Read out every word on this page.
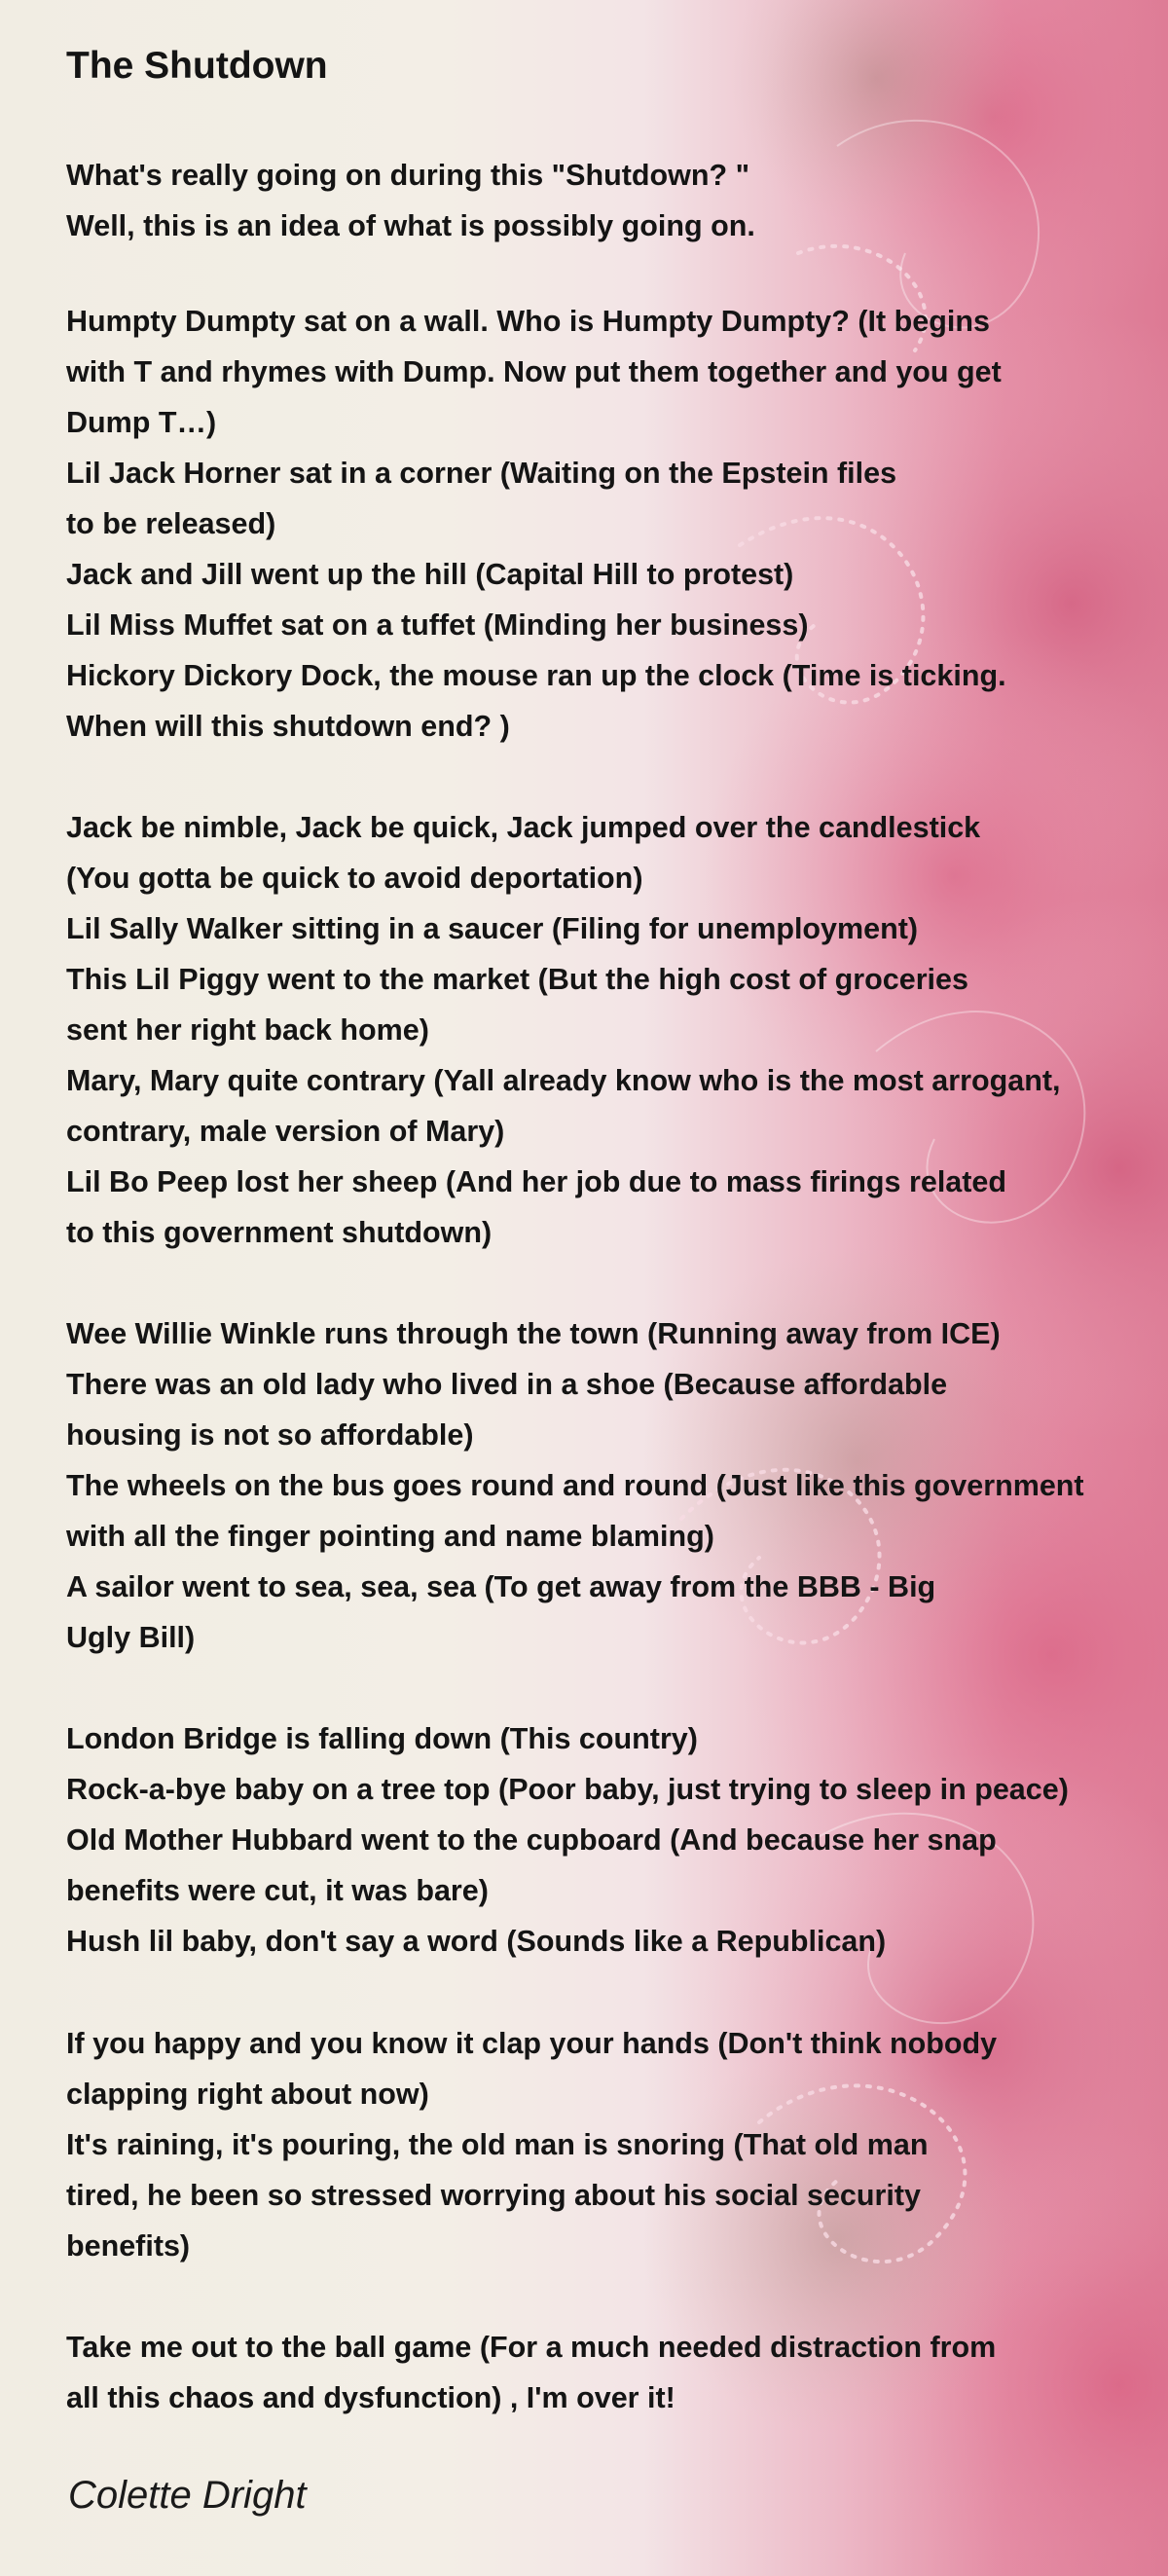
The Shutdown
What's really going on during this "Shutdown? "
Well, this is an idea of what is possibly going on.
Humpty Dumpty sat on a wall. Who is Humpty Dumpty? (It begins
with T and rhymes with Dump. Now put them together and you get
Dump T…)
Lil Jack Horner sat in a corner (Waiting on the Epstein files
to be released)
Jack and Jill went up the hill (Capital Hill to protest)
Lil Miss Muffet sat on a tuffet (Minding her business)
Hickory Dickory Dock, the mouse ran up the clock (Time is ticking.
When will this shutdown end? )
Jack be nimble, Jack be quick, Jack jumped over the candlestick
(You gotta be quick to avoid deportation)
Lil Sally Walker sitting in a saucer (Filing for unemployment)
This Lil Piggy went to the market (But the high cost of groceries
sent her right back home)
Mary, Mary quite contrary (Yall already know who is the most arrogant,
contrary, male version of Mary)
Lil Bo Peep lost her sheep (And her job due to mass firings related
to this government shutdown)
Wee Willie Winkle runs through the town (Running away from ICE)
There was an old lady who lived in a shoe (Because affordable
housing is not so affordable)
The wheels on the bus goes round and round (Just like this government
with all the finger pointing and name blaming)
A sailor went to sea, sea, sea (To get away from the BBB - Big
Ugly Bill)
London Bridge is falling down (This country)
Rock-a-bye baby on a tree top (Poor baby, just trying to sleep in peace)
Old Mother Hubbard went to the cupboard (And because her snap
benefits were cut, it was bare)
Hush lil baby, don't say a word (Sounds like a Republican)
If you happy and you know it clap your hands (Don't think nobody
clapping right about now)
It's raining, it's pouring, the old man is snoring (That old man
tired, he been so stressed worrying about his social security
benefits)
Take me out to the ball game (For a much needed distraction from
all this chaos and dysfunction) , I'm over it!

Colette Dright
